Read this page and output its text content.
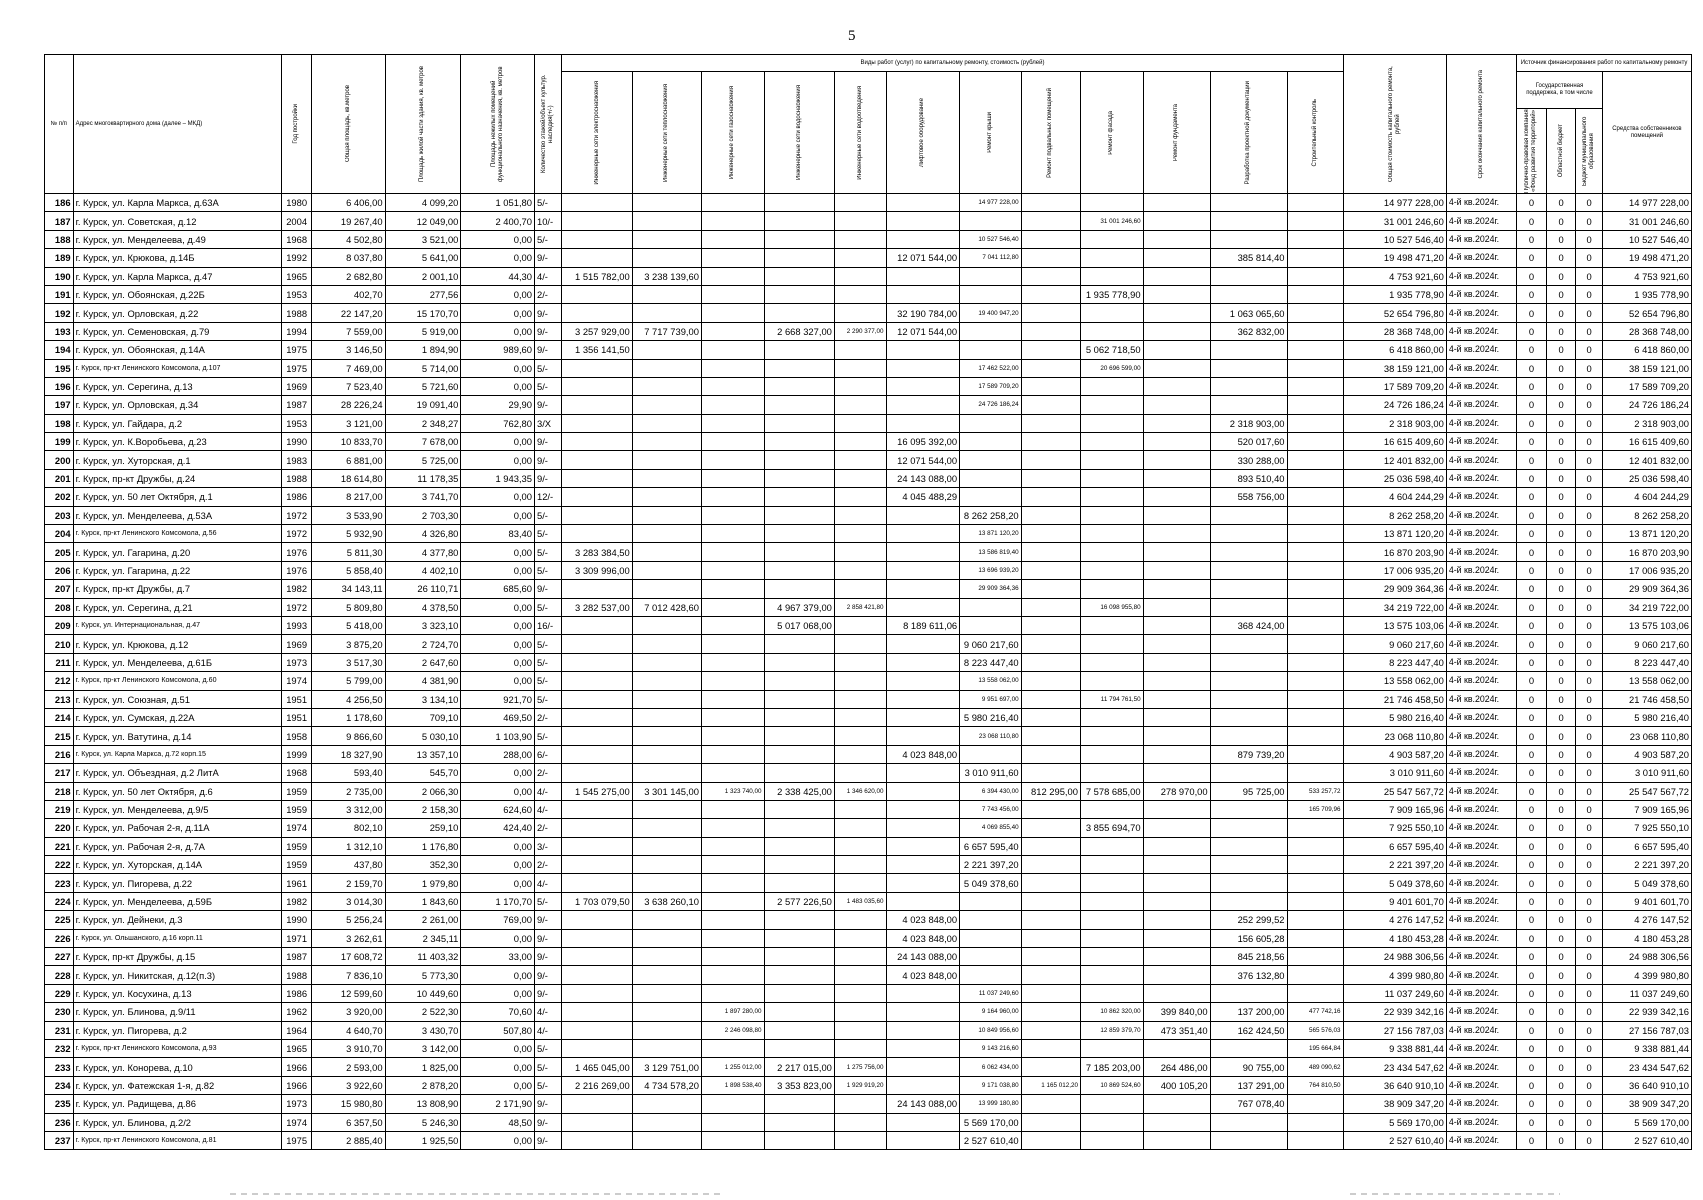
5
№ п/п	Адрес многоквартирного дома (далее – МКД)	Год постройки	Общая площадь, кв.метров	Площадь жилой части здания, кв. метров	Площадь нежилых помещений функционального назначения, кв. метров	Количество этажей/объект культур. наследия(+/-)	Виды работ (услуг) по капитальному ремонту, стоимость (рублей)												Общая стоимость капитального ремонта, рублей	Срок окончания капитального ремонта	Источник финансирования работ по капитальному ремонту			

							Инженерные сети электроснабжения	Инженерные сети теплоснабжения	Инженерные сети газоснабжения	Инженерные сети водоснабжения	Инженерные сети водоотведения	Лифтовое оборудование	Ремонт крыши	Ремонт подвальных помещений	Ремонт фасада	Ремонт фундамента	Разработка проектной документации	Строительный контроль			Государственная поддержка, в том числе			Средства собственников помещений

																					Публично-правовая компания «Фонд развития территорий»	Областной бюджет	Бюджет муниципального образования	

186	г. Курск, ул. Карла Маркса, д.63А	1980	6 406,00	4 099,20	1 051,80	5/-							14 977 228,00						14 977 228,00	4-й кв.2024г.	0	0	0	14 977 228,00
187	г. Курск, ул. Советская, д.12	2004	19 267,40	12 049,00	2 400,70	10/-									31 001 246,60				31 001 246,60	4-й кв.2024г.	0	0	0	31 001 246,60
188	г. Курск, ул. Менделеева, д.49	1968	4 502,80	3 521,00	0,00	5/-							10 527 546,40						10 527 546,40	4-й кв.2024г.	0	0	0	10 527 546,40
189	г. Курск, ул. Крюкова, д.14Б	1992	8 037,80	5 641,00	0,00	9/-						12 071 544,00	7 041 112,80				385 814,40		19 498 471,20	4-й кв.2024г.	0	0	0	19 498 471,20
190	г. Курск, ул. Карла Маркса, д.47	1965	2 682,80	2 001,10	44,30	4/-	1 515 782,00	3 238 139,60											4 753 921,60	4-й кв.2024г.	0	0	0	4 753 921,60
191	г. Курск, ул. Обоянская, д.22Б	1953	402,70	277,56	0,00	2/-									1 935 778,90				1 935 778,90	4-й кв.2024г.	0	0	0	1 935 778,90
192	г. Курск, ул. Орловская, д.22	1988	22 147,20	15 170,70	0,00	9/-						32 190 784,00	19 400 947,20				1 063 065,60		52 654 796,80	4-й кв.2024г.	0	0	0	52 654 796,80
193	г. Курск, ул. Семеновская, д.79	1994	7 559,00	5 919,00	0,00	9/-	3 257 929,00	7 717 739,00		2 668 327,00	2 290 377,00	12 071 544,00					362 832,00		28 368 748,00	4-й кв.2024г.	0	0	0	28 368 748,00
194	г. Курск, ул. Обоянская, д.14А	1975	3 146,50	1 894,90	989,60	9/-	1 356 141,50								5 062 718,50				6 418 860,00	4-й кв.2024г.	0	0	0	6 418 860,00
195	г. Курск, пр-кт Ленинского Комсомола, д.107	1975	7 469,00	5 714,00	0,00	5/-							17 462 522,00		20 696 599,00				38 159 121,00	4-й кв.2024г.	0	0	0	38 159 121,00
196	г. Курск, ул. Серегина, д.13	1969	7 523,40	5 721,60	0,00	5/-							17 589 709,20						17 589 709,20	4-й кв.2024г.	0	0	0	17 589 709,20
197	г. Курск, ул. Орловская, д.34	1987	28 226,24	19 091,40	29,90	9/-							24 726 186,24						24 726 186,24	4-й кв.2024г.	0	0	0	24 726 186,24
198	г. Курск, ул. Гайдара, д.2	1953	3 121,00	2 348,27	762,80	3/Х											2 318 903,00		2 318 903,00	4-й кв.2024г.	0	0	0	2 318 903,00
199	г. Курск, ул. К.Воробьева, д.23	1990	10 833,70	7 678,00	0,00	9/-						16 095 392,00					520 017,60		16 615 409,60	4-й кв.2024г.	0	0	0	16 615 409,60
200	г. Курск, ул. Хуторская, д.1	1983	6 881,00	5 725,00	0,00	9/-						12 071 544,00					330 288,00		12 401 832,00	4-й кв.2024г.	0	0	0	12 401 832,00
201	г. Курск, пр-кт Дружбы, д.24	1988	18 614,80	11 178,35	1 943,35	9/-						24 143 088,00					893 510,40		25 036 598,40	4-й кв.2024г.	0	0	0	25 036 598,40
202	г. Курск, ул. 50 лет Октября, д.1	1986	8 217,00	3 741,70	0,00	12/-						4 045 488,29					558 756,00		4 604 244,29	4-й кв.2024г.	0	0	0	4 604 244,29
203	г. Курск, ул. Менделеева, д.53А	1972	3 533,90	2 703,30	0,00	5/-							8 262 258,20						8 262 258,20	4-й кв.2024г.	0	0	0	8 262 258,20
204	г. Курск, пр-кт Ленинского Комсомола, д.56	1972	5 932,90	4 326,80	83,40	5/-							13 871 120,20						13 871 120,20	4-й кв.2024г.	0	0	0	13 871 120,20
205	г. Курск, ул. Гагарина, д.20	1976	5 811,30	4 377,80	0,00	5/-	3 283 384,50						13 586 819,40						16 870 203,90	4-й кв.2024г.	0	0	0	16 870 203,90
206	г. Курск, ул. Гагарина, д.22	1976	5 858,40	4 402,10	0,00	5/-	3 309 996,00						13 696 939,20						17 006 935,20	4-й кв.2024г.	0	0	0	17 006 935,20
207	г. Курск, пр-кт Дружбы, д.7	1982	34 143,11	26 110,71	685,60	9/-							29 909 364,36						29 909 364,36	4-й кв.2024г.	0	0	0	29 909 364,36
208	г. Курск, ул. Серегина, д.21	1972	5 809,80	4 378,50	0,00	5/-	3 282 537,00	7 012 428,60		4 967 379,00	2 858 421,80				16 098 955,80				34 219 722,00	4-й кв.2024г.	0	0	0	34 219 722,00
209	г. Курск, ул. Интернациональная, д.47	1993	5 418,00	3 323,10	0,00	16/-				5 017 068,00		8 189 611,06					368 424,00		13 575 103,06	4-й кв.2024г.	0	0	0	13 575 103,06
210	г. Курск, ул. Крюкова, д.12	1969	3 875,20	2 724,70	0,00	5/-							9 060 217,60						9 060 217,60	4-й кв.2024г.	0	0	0	9 060 217,60
211	г. Курск, ул. Менделеева, д.61Б	1973	3 517,30	2 647,60	0,00	5/-							8 223 447,40						8 223 447,40	4-й кв.2024г.	0	0	0	8 223 447,40
212	г. Курск, пр-кт Ленинского Комсомола, д.60	1974	5 799,00	4 381,90	0,00	5/-							13 558 062,00						13 558 062,00	4-й кв.2024г.	0	0	0	13 558 062,00
213	г. Курск, ул. Союзная, д.51	1951	4 256,50	3 134,10	921,70	5/-							9 951 697,00		11 794 761,50				21 746 458,50	4-й кв.2024г.	0	0	0	21 746 458,50
214	г. Курск, ул. Сумская, д.22А	1951	1 178,60	709,10	469,50	2/-							5 980 216,40						5 980 216,40	4-й кв.2024г.	0	0	0	5 980 216,40
215	г. Курск, ул. Ватутина, д.14	1958	9 866,60	5 030,10	1 103,90	5/-							23 068 110,80						23 068 110,80	4-й кв.2024г.	0	0	0	23 068 110,80
216	г. Курск, ул. Карла Маркса, д.72 корп.15	1999	18 327,90	13 357,10	288,00	6/-						4 023 848,00					879 739,20		4 903 587,20	4-й кв.2024г.	0	0	0	4 903 587,20
217	г. Курск, ул. Объездная, д.2 ЛитА	1968	593,40	545,70	0,00	2/-							3 010 911,60						3 010 911,60	4-й кв.2024г.	0	0	0	3 010 911,60
218	г. Курск, ул. 50 лет Октября, д.6	1959	2 735,00	2 066,30	0,00	4/-	1 545 275,00	3 301 145,00	1 323 740,00	2 338 425,00	1 346 620,00		6 394 430,00	812 295,00	7 578 685,00	278 970,00	95 725,00	533 257,72	25 547 567,72	4-й кв.2024г.	0	0	0	25 547 567,72
219	г. Курск, ул. Менделеева, д.9/5	1959	3 312,00	2 158,30	624,60	4/-							7 743 456,00					165 709,96	7 909 165,96	4-й кв.2024г.	0	0	0	7 909 165,96
220	г. Курск, ул. Рабочая 2-я, д.11А	1974	802,10	259,10	424,40	2/-							4 069 855,40		3 855 694,70				7 925 550,10	4-й кв.2024г.	0	0	0	7 925 550,10
221	г. Курск, ул. Рабочая 2-я, д.7А	1959	1 312,10	1 176,80	0,00	3/-							6 657 595,40						6 657 595,40	4-й кв.2024г.	0	0	0	6 657 595,40
222	г. Курск, ул. Хуторская, д.14А	1959	437,80	352,30	0,00	2/-							2 221 397,20						2 221 397,20	4-й кв.2024г.	0	0	0	2 221 397,20
223	г. Курск, ул. Пигорева, д.22	1961	2 159,70	1 979,80	0,00	4/-							5 049 378,60						5 049 378,60	4-й кв.2024г.	0	0	0	5 049 378,60
224	г. Курск, ул. Менделеева, д.59Б	1982	3 014,30	1 843,60	1 170,70	5/-	1 703 079,50	3 638 260,10		2 577 226,50	1 483 035,60								9 401 601,70	4-й кв.2024г.	0	0	0	9 401 601,70
225	г. Курск, ул. Дейнеки, д.3	1990	5 256,24	2 261,00	769,00	9/-						4 023 848,00					252 299,52		4 276 147,52	4-й кв.2024г.	0	0	0	4 276 147,52
226	г. Курск, ул. Ольшанского, д.16 корп.11	1971	3 262,61	2 345,11	0,00	9/-						4 023 848,00					156 605,28		4 180 453,28	4-й кв.2024г.	0	0	0	4 180 453,28
227	г. Курск, пр-кт Дружбы, д.15	1987	17 608,72	11 403,32	33,00	9/-						24 143 088,00					845 218,56		24 988 306,56	4-й кв.2024г.	0	0	0	24 988 306,56
228	г. Курск, ул. Никитская, д.12(п.3)	1988	7 836,10	5 773,30	0,00	9/-						4 023 848,00					376 132,80		4 399 980,80	4-й кв.2024г.	0	0	0	4 399 980,80
229	г. Курск, ул. Косухина, д.13	1986	12 599,60	10 449,60	0,00	9/-							11 037 249,60						11 037 249,60	4-й кв.2024г.	0	0	0	11 037 249,60
230	г. Курск, ул. Блинова, д.9/11	1962	3 920,00	2 522,30	70,60	4/-			1 897 280,00				9 164 960,00		10 862 320,00	399 840,00	137 200,00	477 742,16	22 939 342,16	4-й кв.2024г.	0	0	0	22 939 342,16
231	г. Курск, ул. Пигорева, д.2	1964	4 640,70	3 430,70	507,80	4/-			2 246 098,80				10 849 956,60		12 859 379,70	473 351,40	162 424,50	565 576,03	27 156 787,03	4-й кв.2024г.	0	0	0	27 156 787,03
232	г. Курск, пр-кт Ленинского Комсомола, д.93	1965	3 910,70	3 142,00	0,00	5/-							9 143 216,60					195 664,84	9 338 881,44	4-й кв.2024г.	0	0	0	9 338 881,44
233	г. Курск, ул. Конорева, д.10	1966	2 593,00	1 825,00	0,00	5/-	1 465 045,00	3 129 751,00	1 255 012,00	2 217 015,00	1 275 756,00		6 062 434,00		7 185 203,00	264 486,00	90 755,00	489 090,62	23 434 547,62	4-й кв.2024г.	0	0	0	23 434 547,62
234	г. Курск, ул. Фатежская 1-я, д.82	1966	3 922,60	2 878,20	0,00	5/-	2 216 269,00	4 734 578,20	1 898 538,40	3 353 823,00	1 929 919,20		9 171 038,80	1 165 012,20	10 869 524,60	400 105,20	137 291,00	764 810,50	36 640 910,10	4-й кв.2024г.	0	0	0	36 640 910,10
235	г. Курск, ул. Радищева, д.86	1973	15 980,80	13 808,90	2 171,90	9/-						24 143 088,00	13 999 180,80				767 078,40		38 909 347,20	4-й кв.2024г.	0	0	0	38 909 347,20
236	г. Курск, ул. Блинова, д.2/2	1974	6 357,50	5 246,30	48,50	9/-							5 569 170,00						5 569 170,00	4-й кв.2024г.	0	0	0	5 569 170,00
237	г. Курск, пр-кт Ленинского Комсомола, д.81	1975	2 885,40	1 925,50	0,00	9/-							2 527 610,40						2 527 610,40	4-й кв.2024г.	0	0	0	2 527 610,40
